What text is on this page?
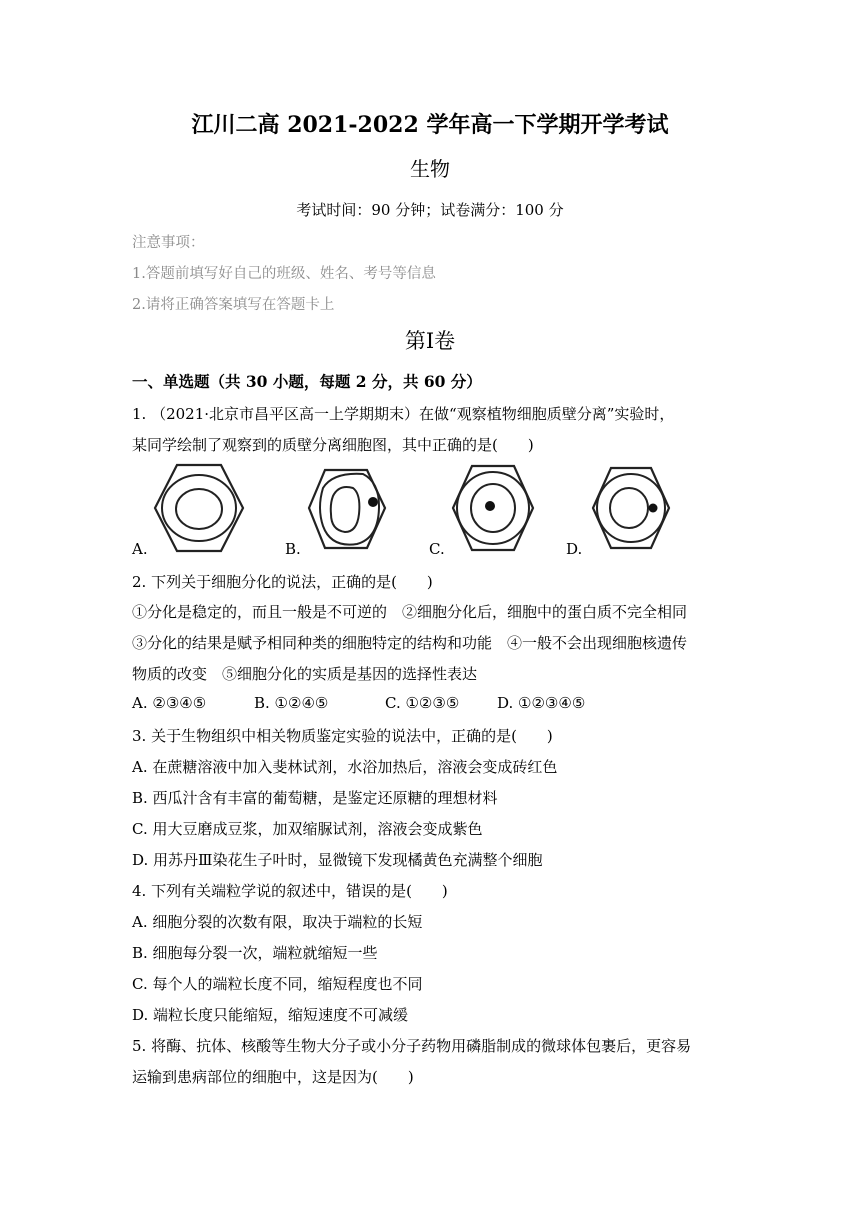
江川二高 2021-2022 学年高一下学期开学考试
生物
考试时间：90 分钟；试卷满分：100 分
注意事项：
1.答题前填写好自己的班级、姓名、考号等信息
2.请将正确答案填写在答题卡上
第Ⅰ卷
一、单选题（共 30 小题，每题 2 分，共 60 分）
1. （2021·北京市昌平区高一上学期期末）在做“观察植物细胞质壁分离”实验时，
某同学绘制了观察到的质壁分离细胞图，其中正确的是(　　)
A.	B.	C.	D.
2. 下列关于细胞分化的说法，正确的是(　　)
①分化是稳定的，而且一般是不可逆的　②细胞分化后，细胞中的蛋白质不完全相同
③分化的结果是赋予相同种类的细胞特定的结构和功能　④一般不会出现细胞核遗传
物质的改变　⑤细胞分化的实质是基因的选择性表达
A. ②③④⑤	B. ①②④⑤	C. ①②③⑤	D. ①②③④⑤
3. 关于生物组织中相关物质鉴定实验的说法中，正确的是(　　)
A. 在蔗糖溶液中加入斐林试剂，水浴加热后，溶液会变成砖红色
B. 西瓜汁含有丰富的葡萄糖，是鉴定还原糖的理想材料
C. 用大豆磨成豆浆，加双缩脲试剂，溶液会变成紫色
D. 用苏丹Ⅲ染花生子叶时，显微镜下发现橘黄色充满整个细胞
4. 下列有关端粒学说的叙述中，错误的是(　　)
A. 细胞分裂的次数有限，取决于端粒的长短
B. 细胞每分裂一次，端粒就缩短一些
C. 每个人的端粒长度不同，缩短程度也不同
D. 端粒长度只能缩短，缩短速度不可减缓
5. 将酶、抗体、核酸等生物大分子或小分子药物用磷脂制成的微球体包裹后，更容易
运输到患病部位的细胞中，这是因为(　　)
